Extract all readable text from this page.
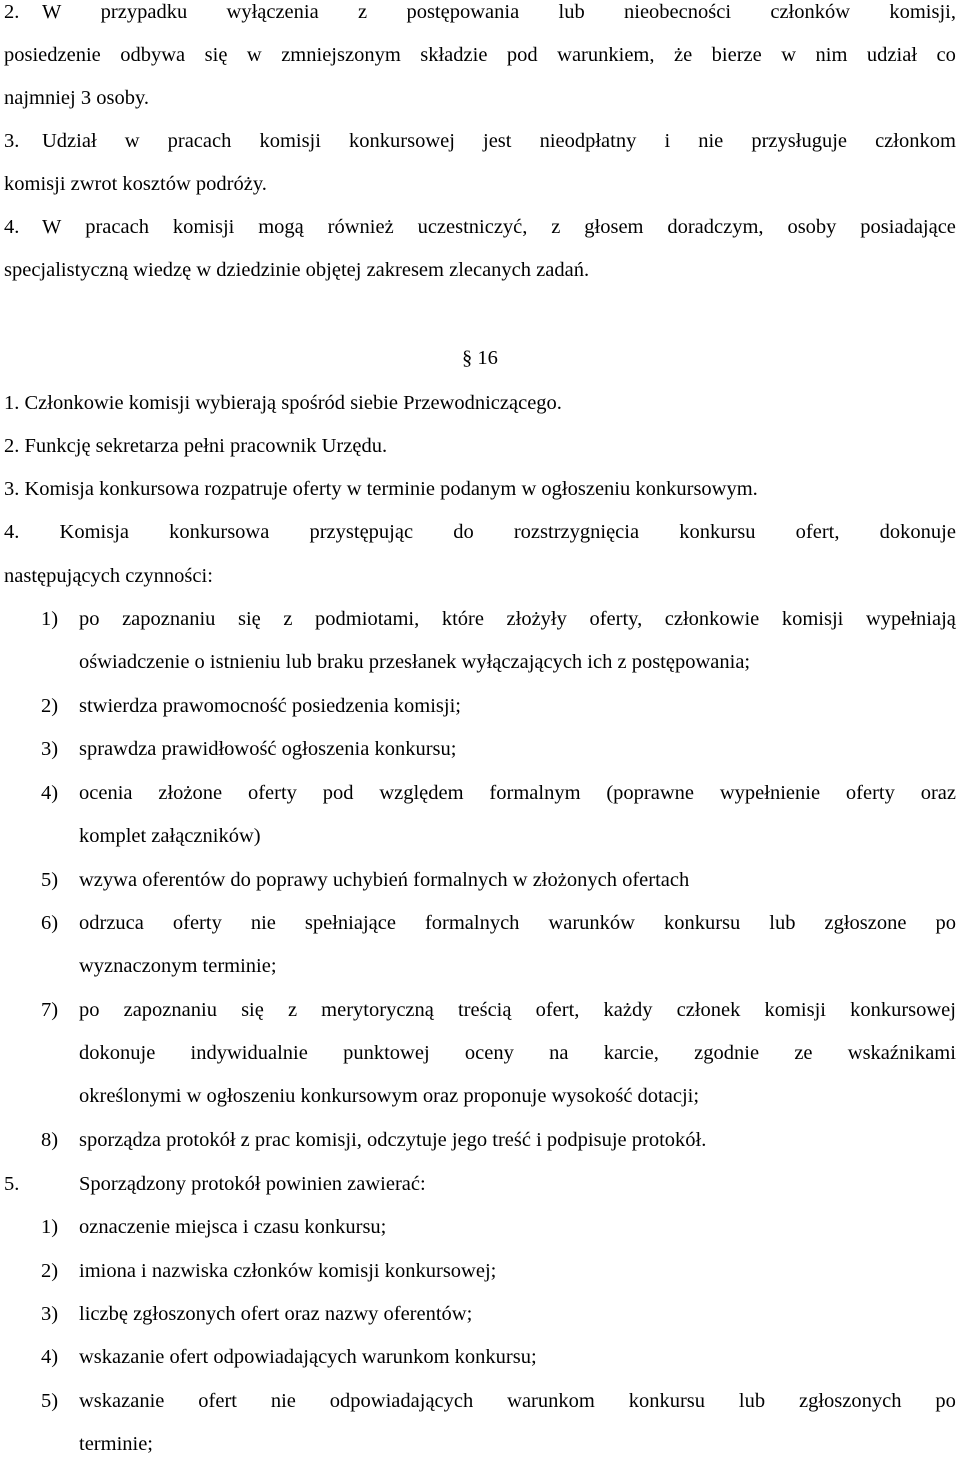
2.	W przypadku wyłączenia z postępowania lub nieobecności członków komisji,
posiedzenie odbywa się w zmniejszonym składzie pod warunkiem, że bierze w nim udział co
najmniej 3 osoby.
3.	Udział w pracach komisji konkursowej jest nieodpłatny i nie przysługuje członkom
komisji zwrot kosztów podróży.
4.	W pracach komisji mogą również uczestniczyć, z głosem doradczym, osoby posiadające
specjalistyczną wiedzę w dziedzinie objętej zakresem zlecanych zadań.
§ 16
1. Członkowie komisji wybierają spośród siebie Przewodniczącego.
2. Funkcję sekretarza pełni pracownik Urzędu.
3. Komisja konkursowa rozpatruje oferty w terminie podanym w ogłoszeniu konkursowym.
4. Komisja konkursowa przystępując do rozstrzygnięcia konkursu ofert, dokonuje
następujących czynności:
1) po zapoznaniu się z podmiotami, które złożyły oferty, członkowie komisji wypełniają
oświadczenie o istnieniu lub braku przesłanek wyłączających ich z postępowania;
2) stwierdza prawomocność posiedzenia komisji;
3) sprawdza prawidłowość ogłoszenia konkursu;
4) ocenia złożone oferty pod względem formalnym (poprawne wypełnienie oferty oraz
komplet załączników)
5) wzywa oferentów do poprawy uchybień formalnych w złożonych ofertach
6) odrzuca oferty nie spełniające formalnych warunków konkursu lub zgłoszone po
wyznaczonym terminie;
7) po zapoznaniu się z merytoryczną treścią ofert, każdy członek komisji konkursowej
dokonuje indywidualnie punktowej oceny na karcie, zgodnie ze wskaźnikami
określonymi w ogłoszeniu konkursowym oraz proponuje wysokość dotacji;
8) sporządza protokół z prac komisji, odczytuje jego treść i podpisuje protokół.
5.	Sporządzony protokół powinien zawierać:
1) oznaczenie miejsca i czasu konkursu;
2) imiona i nazwiska członków komisji konkursowej;
3) liczbę zgłoszonych ofert oraz nazwy oferentów;
4) wskazanie ofert odpowiadających warunkom konkursu;
5) wskazanie ofert nie odpowiadających warunkom konkursu lub zgłoszonych po
terminie;
